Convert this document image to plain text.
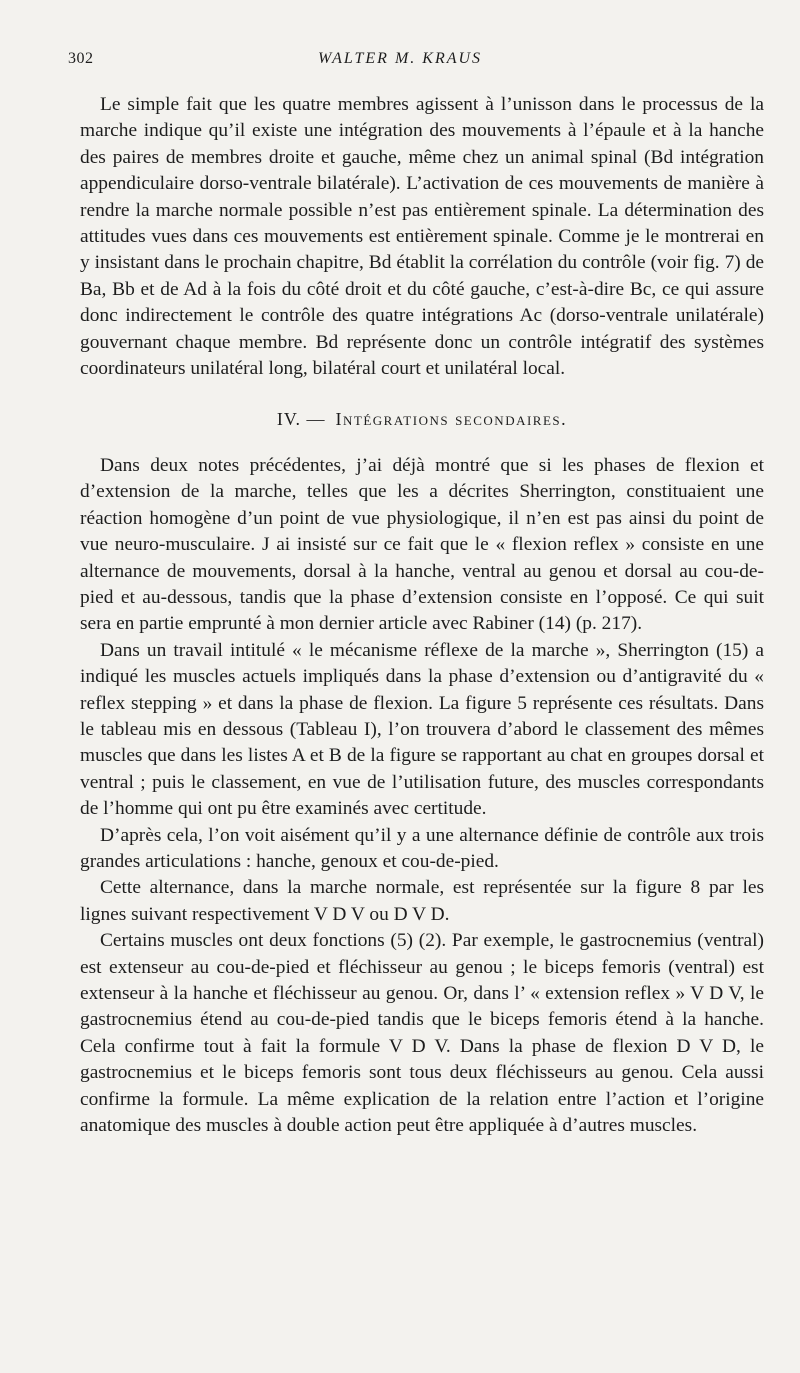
302	WALTER M. KRAUS

Le simple fait que les quatre membres agissent à l’unisson dans le processus de la marche indique qu’il existe une intégration des mouvements à l’épaule et à la hanche des paires de membres droite et gauche, même chez un animal spinal (Bd intégration appendiculaire dorso-ventrale bilatérale). L’activation de ces mouvements de manière à rendre la marche normale possible n’est pas entièrement spinale. La détermination des attitudes vues dans ces mouvements est entièrement spinale. Comme je le montrerai en y insistant dans le prochain chapitre, Bd établit la corrélation du contrôle (voir fig. 7) de Ba, Bb et de Ad à la fois du côté droit et du côté gauche, c’est-à-dire Bc, ce qui assure donc indirectement le contrôle des quatre intégrations Ac (dorso-ventrale unilatérale) gouvernant chaque membre. Bd représente donc un contrôle intégratif des systèmes coordinateurs unilatéral long, bilatéral court et unilatéral local.

IV. — Intégrations secondaires.

Dans deux notes précédentes, j’ai déjà montré que si les phases de flexion et d’extension de la marche, telles que les a décrites Sherrington, constituaient une réaction homogène d’un point de vue physiologique, il n’en est pas ainsi du point de vue neuro-musculaire. J ai insisté sur ce fait que le « flexion reflex » consiste en une alternance de mouvements, dorsal à la hanche, ventral au genou et dorsal au cou-de-pied et au-dessous, tandis que la phase d’extension consiste en l’opposé. Ce qui suit sera en partie emprunté à mon dernier article avec Rabiner (14) (p. 217).

Dans un travail intitulé « le mécanisme réflexe de la marche », Sherrington (15) a indiqué les muscles actuels impliqués dans la phase d’extension ou d’antigravité du « reflex stepping » et dans la phase de flexion. La figure 5 représente ces résultats. Dans le tableau mis en dessous (Tableau I), l’on trouvera d’abord le classement des mêmes muscles que dans les listes A et B de la figure se rapportant au chat en groupes dorsal et ventral ; puis le classement, en vue de l’utilisation future, des muscles correspondants de l’homme qui ont pu être examinés avec certitude.

D’après cela, l’on voit aisément qu’il y a une alternance définie de contrôle aux trois grandes articulations : hanche, genoux et cou-de-pied.

Cette alternance, dans la marche normale, est représentée sur la figure 8 par les lignes suivant respectivement V D V ou D V D.

Certains muscles ont deux fonctions (5) (2). Par exemple, le gastrocnemius (ventral) est extenseur au cou-de-pied et fléchisseur au genou ; le biceps femoris (ventral) est extenseur à la hanche et fléchisseur au genou. Or, dans l’ « extension reflex » V D V, le gastrocnemius étend au cou-de-pied tandis que le biceps femoris étend à la hanche. Cela confirme tout à fait la formule V D V. Dans la phase de flexion D V D, le gastrocnemius et le biceps femoris sont tous deux fléchisseurs au genou. Cela aussi confirme la formule. La même explication de la relation entre l’action et l’origine anatomique des muscles à double action peut être appliquée à d’autres muscles.
